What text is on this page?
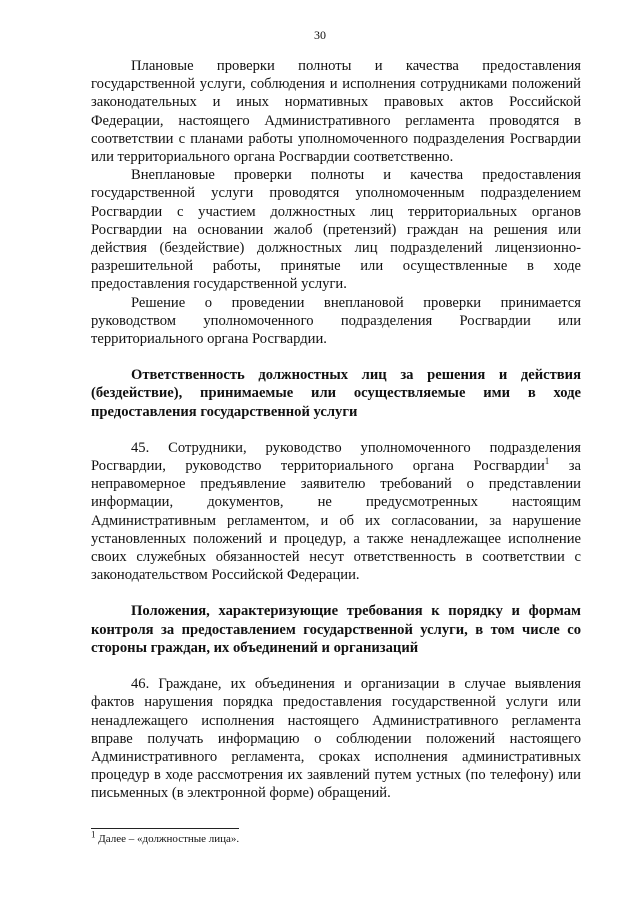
30

Плановые проверки полноты и качества предоставления государственной услуги, соблюдения и исполнения сотрудниками положений законодательных и иных нормативных правовых актов Российской Федерации, настоящего Административного регламента проводятся в соответствии с планами работы уполномоченного подразделения Росгвардии или территориального органа Росгвардии соответственно.

Внеплановые проверки полноты и качества предоставления государственной услуги проводятся уполномоченным подразделением Росгвардии с участием должностных лиц территориальных органов Росгвардии на основании жалоб (претензий) граждан на решения или действия (бездействие) должностных лиц подразделений лицензионно-разрешительной работы, принятые или осуществленные в ходе предоставления государственной услуги.

Решение о проведении внеплановой проверки принимается руководством уполномоченного подразделения Росгвардии или территориального органа Росгвардии.

Ответственность должностных лиц за решения и действия (бездействие), принимаемые или осуществляемые ими в ходе предоставления государственной услуги

45. Сотрудники, руководство уполномоченного подразделения Росгвардии, руководство территориального органа Росгвардии$^1$ за неправомерное предъявление заявителю требований о представлении информации, документов, не предусмотренных настоящим Административным регламентом, и об их согласовании, за нарушение установленных положений и процедур, а также ненадлежащее исполнение своих служебных обязанностей несут ответственность в соответствии с законодательством Российской Федерации.

Положения, характеризующие требования к порядку и формам контроля за предоставлением государственной услуги, в том числе со стороны граждан, их объединений и организаций

46. Граждане, их объединения и организации в случае выявления фактов нарушения порядка предоставления государственной услуги или ненадлежащего исполнения настоящего Административного регламента вправе получать информацию о соблюдении положений настоящего Административного регламента, сроках исполнения административных процедур в ходе рассмотрения их заявлений путем устных (по телефону) или письменных (в электронной форме) обращений.

$^1$ Далее – «должностные лица».
